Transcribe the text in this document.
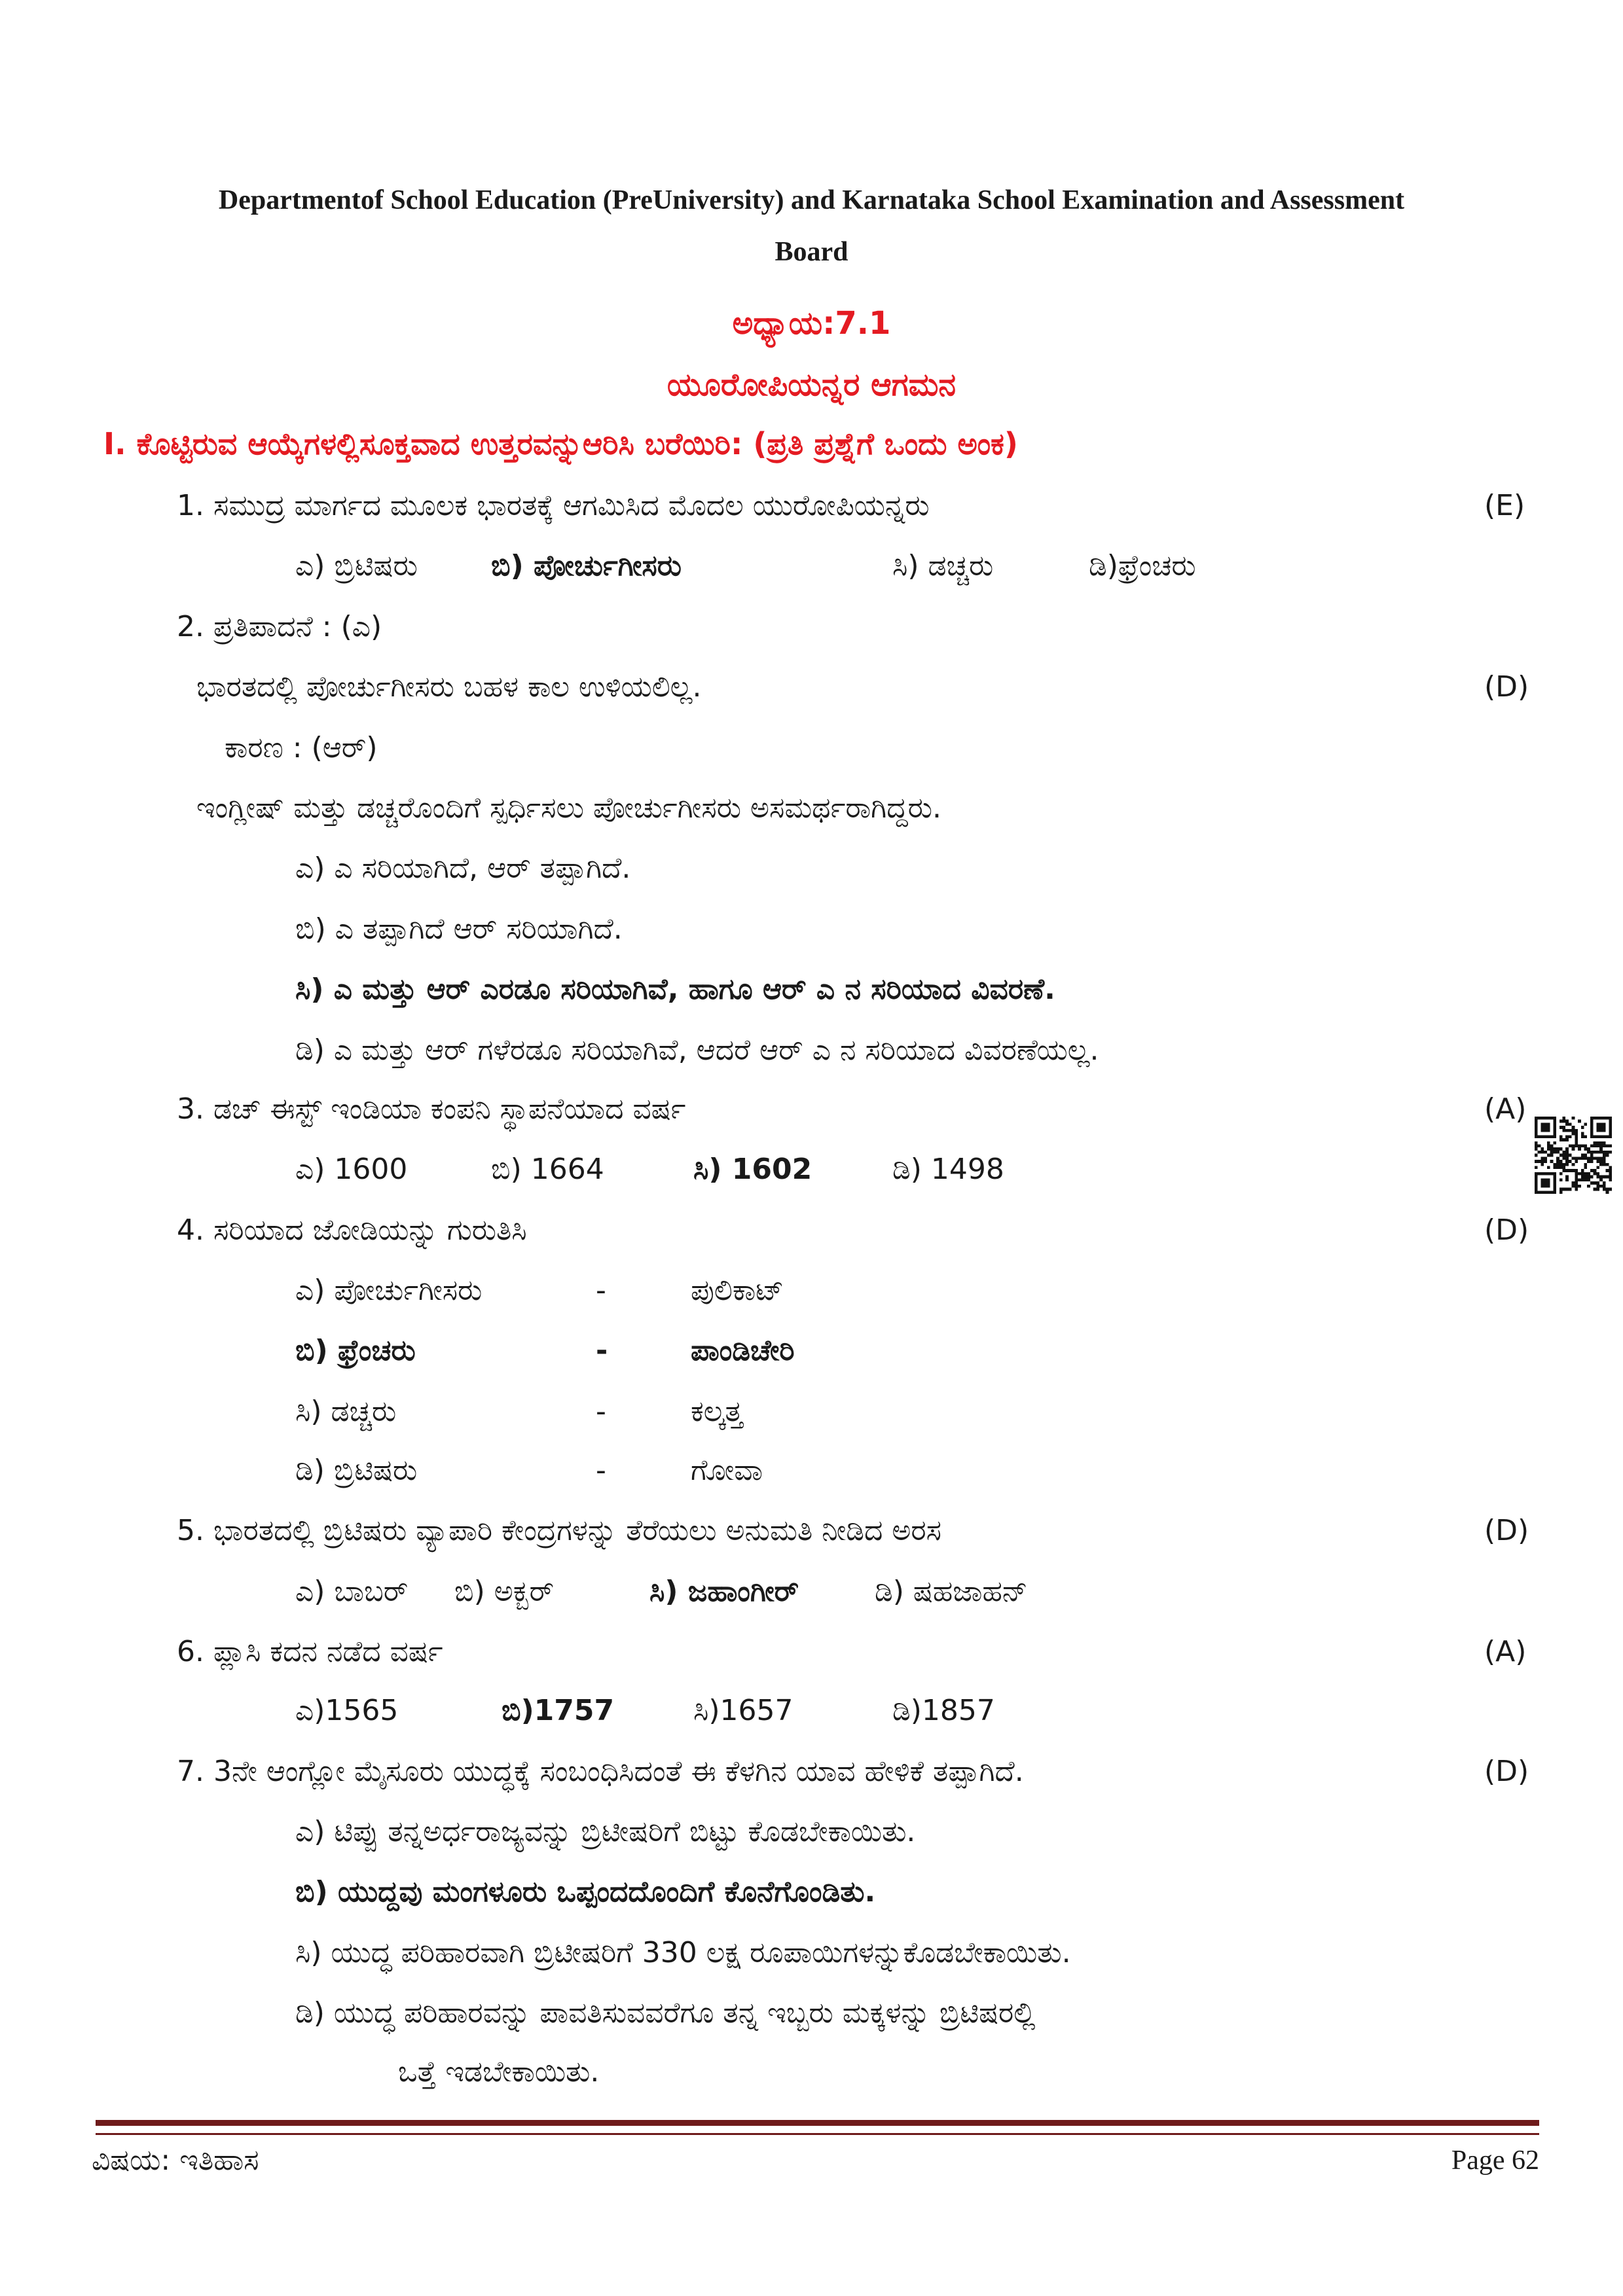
Departmentof School Education (PreUniversity) and Karnataka School Examination and Assessment
Board
ಅಧ್ಯಾಯ:7.1
ಯೂರೋಪಿಯನ್ನರ ಆಗಮನ
I. ಕೊಟ್ಟಿರುವ ಆಯ್ಕೆಗಳಲ್ಲಿಸೂಕ್ತವಾದ ಉತ್ತರವನ್ನುಆರಿಸಿ ಬರೆಯಿರಿ: (ಪ್ರತಿ ಪ್ರಶ್ನೆಗೆ ಒಂದು ಅಂಕ)
1. ಸಮುದ್ರ ಮಾರ್ಗದ ಮೂಲಕ ಭಾರತಕ್ಕೆ ಆಗಮಿಸಿದ ಮೊದಲ ಯುರೋಪಿಯನ್ನರು	(E)
ಎ) ಬ್ರಿಟಿಷರು	ಬಿ) ಪೋರ್ಚುಗೀಸರು	ಸಿ) ಡಚ್ಚರು	ಡಿ)ಫ್ರೆಂಚರು
2. ಪ್ರತಿಪಾದನೆ : (ಎ)
ಭಾರತದಲ್ಲಿ ಪೋರ್ಚುಗೀಸರು ಬಹಳ ಕಾಲ ಉಳಿಯಲಿಲ್ಲ.	(D)
ಕಾರಣ : (ಆರ್)
ಇಂಗ್ಲೀಷ್ ಮತ್ತು ಡಚ್ಚರೊಂದಿಗೆ ಸ್ಪರ್ಧಿಸಲು ಪೋರ್ಚುಗೀಸರು ಅಸಮರ್ಥರಾಗಿದ್ದರು.
ಎ) ಎ ಸರಿಯಾಗಿದೆ, ಆರ್ ತಪ್ಪಾಗಿದೆ.
ಬಿ) ಎ ತಪ್ಪಾಗಿದೆ ಆರ್ ಸರಿಯಾಗಿದೆ.
ಸಿ) ಎ ಮತ್ತು ಆರ್ ಎರಡೂ ಸರಿಯಾಗಿವೆ, ಹಾಗೂ ಆರ್ ಎ ನ ಸರಿಯಾದ ವಿವರಣೆ.
ಡಿ) ಎ ಮತ್ತು ಆರ್ ಗಳೆರಡೂ ಸರಿಯಾಗಿವೆ, ಆದರೆ ಆರ್ ಎ ನ ಸರಿಯಾದ ವಿವರಣೆಯಲ್ಲ.
3. ಡಚ್ ಈಸ್ಟ್ ಇಂಡಿಯಾ ಕಂಪನಿ ಸ್ಥಾಪನೆಯಾದ ವರ್ಷ	(A)
ಎ) 1600	ಬಿ) 1664	ಸಿ) 1602	ಡಿ) 1498
4. ಸರಿಯಾದ ಜೋಡಿಯನ್ನು ಗುರುತಿಸಿ	(D)
ಎ) ಪೋರ್ಚುಗೀಸರು	-	ಪುಲಿಕಾಟ್
ಬಿ) ಫ್ರೆಂಚರು	-	ಪಾಂಡಿಚೇರಿ
ಸಿ) ಡಚ್ಚರು	-	ಕಲ್ಕತ್ತ
ಡಿ) ಬ್ರಿಟಿಷರು	-	ಗೋವಾ
5. ಭಾರತದಲ್ಲಿ ಬ್ರಿಟಿಷರು ವ್ಯಾಪಾರಿ ಕೇಂದ್ರಗಳನ್ನು ತೆರೆಯಲು ಅನುಮತಿ ನೀಡಿದ ಅರಸ	(D)
ಎ) ಬಾಬರ್ ಬಿ) ಅಕ್ಬರ್	ಸಿ) ಜಹಾಂಗೀರ್	ಡಿ) ಷಹಜಾಹನ್
6. ಪ್ಲಾಸಿ ಕದನ ನಡೆದ ವರ್ಷ	(A)
ಎ)1565	ಬಿ)1757	ಸಿ)1657	ಡಿ)1857
7. 3ನೇ ಆಂಗ್ಲೋ ಮೈಸೂರು ಯುದ್ಧಕ್ಕೆ ಸಂಬಂಧಿಸಿದಂತೆ ಈ ಕೆಳಗಿನ ಯಾವ ಹೇಳಿಕೆ ತಪ್ಪಾಗಿದೆ.	(D)
ಎ) ಟಿಪ್ಪು ತನ್ನಅರ್ಧರಾಜ್ಯವನ್ನು ಬ್ರಿಟೀಷರಿಗೆ ಬಿಟ್ಟು ಕೊಡಬೇಕಾಯಿತು.
ಬಿ) ಯುದ್ದವು ಮಂಗಳೂರು ಒಪ್ಪಂದದೊಂದಿಗೆ ಕೊನೆಗೊಂಡಿತು.
ಸಿ) ಯುದ್ಧ ಪರಿಹಾರವಾಗಿ ಬ್ರಿಟೀಷರಿಗೆ 330 ಲಕ್ಷ ರೂಪಾಯಿಗಳನ್ನುಕೊಡಬೇಕಾಯಿತು.
ಡಿ) ಯುದ್ಧ ಪರಿಹಾರವನ್ನು ಪಾವತಿಸುವವರೆಗೂ ತನ್ನ ಇಬ್ಬರು ಮಕ್ಕಳನ್ನು ಬ್ರಿಟಿಷರಲ್ಲಿ
ಒತ್ತೆ ಇಡಬೇಕಾಯಿತು.
ವಿಷಯ: ಇತಿಹಾಸ	Page 62
